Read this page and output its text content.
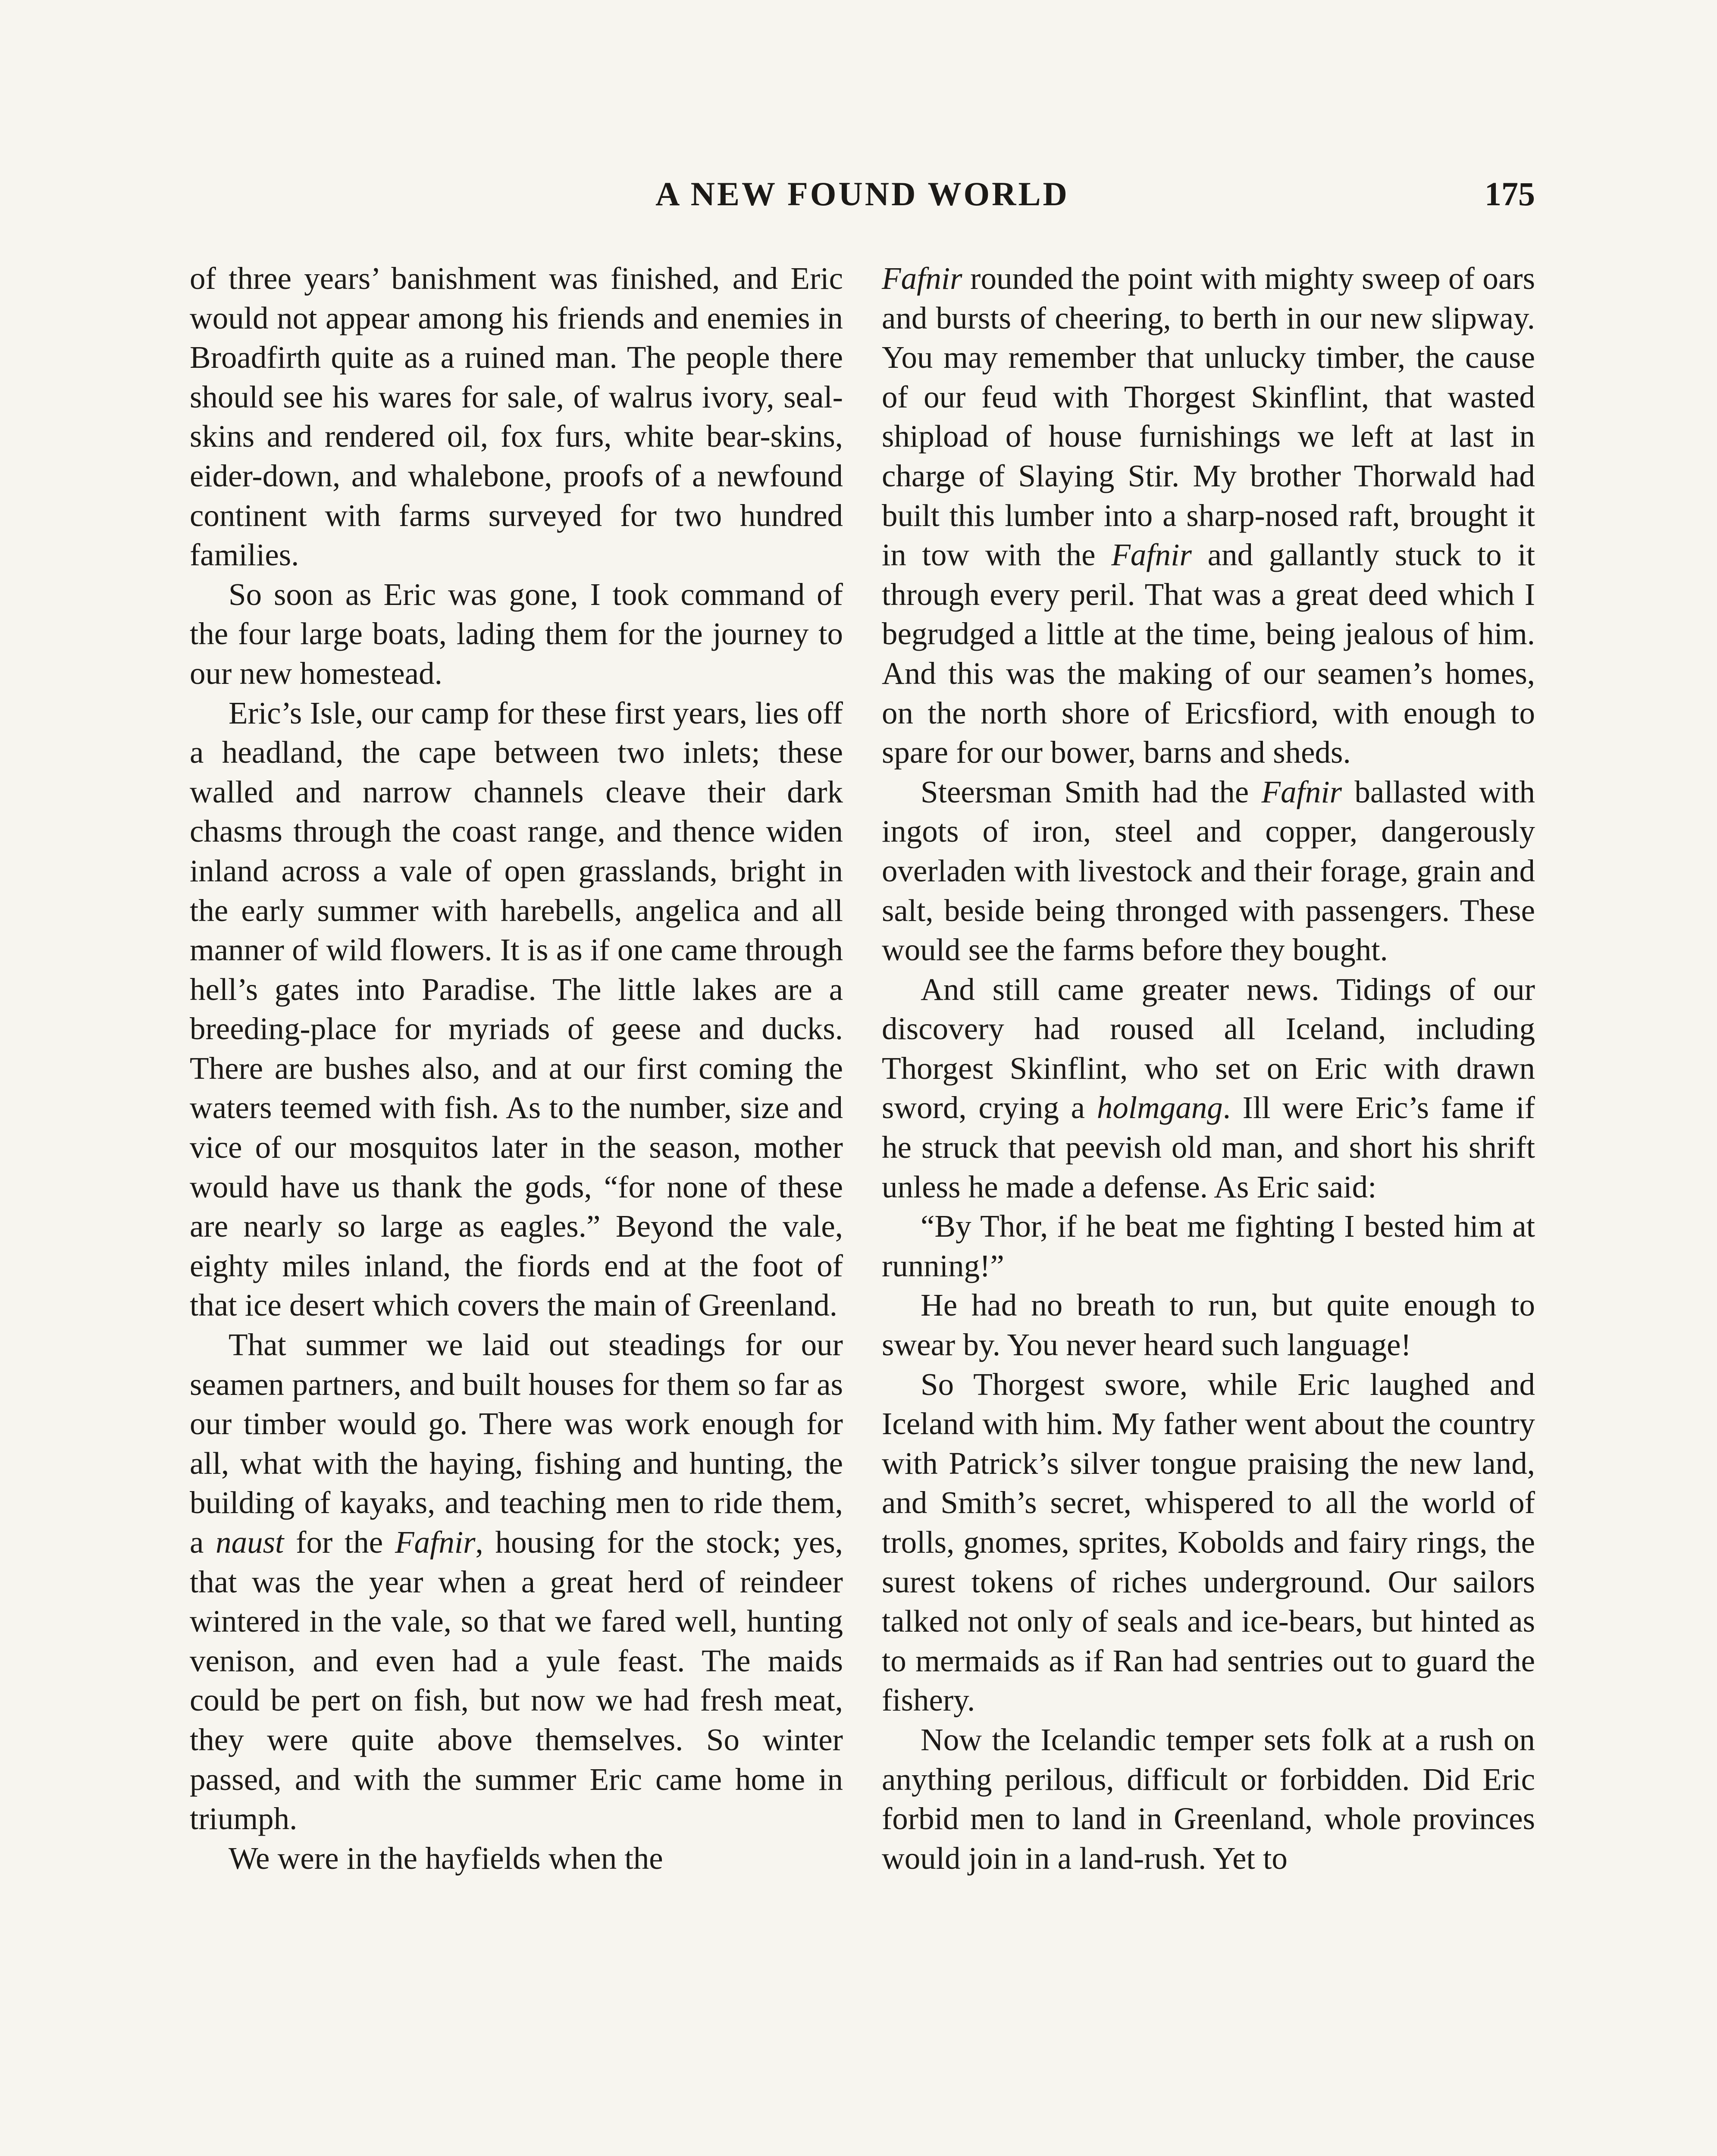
A NEW FOUND WORLD	175

of three years’ banishment was finished, and Eric would not appear among his friends and enemies in Broadfirth quite as a ruined man. The people there should see his wares for sale, of walrus ivory, seal-skins and rendered oil, fox furs, white bear-skins, eider-down, and whalebone, proofs of a newfound continent with farms surveyed for two hundred families.

So soon as Eric was gone, I took command of the four large boats, lading them for the journey to our new homestead.

Eric’s Isle, our camp for these first years, lies off a headland, the cape between two inlets; these walled and narrow channels cleave their dark chasms through the coast range, and thence widen inland across a vale of open grasslands, bright in the early summer with harebells, angelica and all manner of wild flowers. It is as if one came through hell’s gates into Paradise. The little lakes are a breeding-place for myriads of geese and ducks. There are bushes also, and at our first coming the waters teemed with fish. As to the number, size and vice of our mosquitos later in the season, mother would have us thank the gods, “for none of these are nearly so large as eagles.” Beyond the vale, eighty miles inland, the fiords end at the foot of that ice desert which covers the main of Greenland.

That summer we laid out steadings for our seamen partners, and built houses for them so far as our timber would go. There was work enough for all, what with the haying, fishing and hunting, the building of kayaks, and teaching men to ride them, a naust for the Fafnir, housing for the stock; yes, that was the year when a great herd of reindeer wintered in the vale, so that we fared well, hunting venison, and even had a yule feast. The maids could be pert on fish, but now we had fresh meat, they were quite above themselves. So winter passed, and with the summer Eric came home in triumph.

We were in the hayfields when the

Fafnir rounded the point with mighty sweep of oars and bursts of cheering, to berth in our new slipway. You may remember that unlucky timber, the cause of our feud with Thorgest Skinflint, that wasted shipload of house furnishings we left at last in charge of Slaying Stir. My brother Thorwald had built this lumber into a sharp-nosed raft, brought it in tow with the Fafnir and gallantly stuck to it through every peril. That was a great deed which I begrudged a little at the time, being jealous of him. And this was the making of our seamen’s homes, on the north shore of Ericsfiord, with enough to spare for our bower, barns and sheds.

Steersman Smith had the Fafnir ballasted with ingots of iron, steel and copper, dangerously overladen with livestock and their forage, grain and salt, beside being thronged with passengers. These would see the farms before they bought.

And still came greater news. Tidings of our discovery had roused all Iceland, including Thorgest Skinflint, who set on Eric with drawn sword, crying a holmgang. Ill were Eric’s fame if he struck that peevish old man, and short his shrift unless he made a defense. As Eric said:

“By Thor, if he beat me fighting I bested him at running!”

He had no breath to run, but quite enough to swear by. You never heard such language!

So Thorgest swore, while Eric laughed and Iceland with him. My father went about the country with Patrick’s silver tongue praising the new land, and Smith’s secret, whispered to all the world of trolls, gnomes, sprites, Kobolds and fairy rings, the surest tokens of riches underground. Our sailors talked not only of seals and ice-bears, but hinted as to mermaids as if Ran had sentries out to guard the fishery.

Now the Icelandic temper sets folk at a rush on anything perilous, difficult or forbidden. Did Eric forbid men to land in Greenland, whole provinces would join in a land-rush. Yet to
